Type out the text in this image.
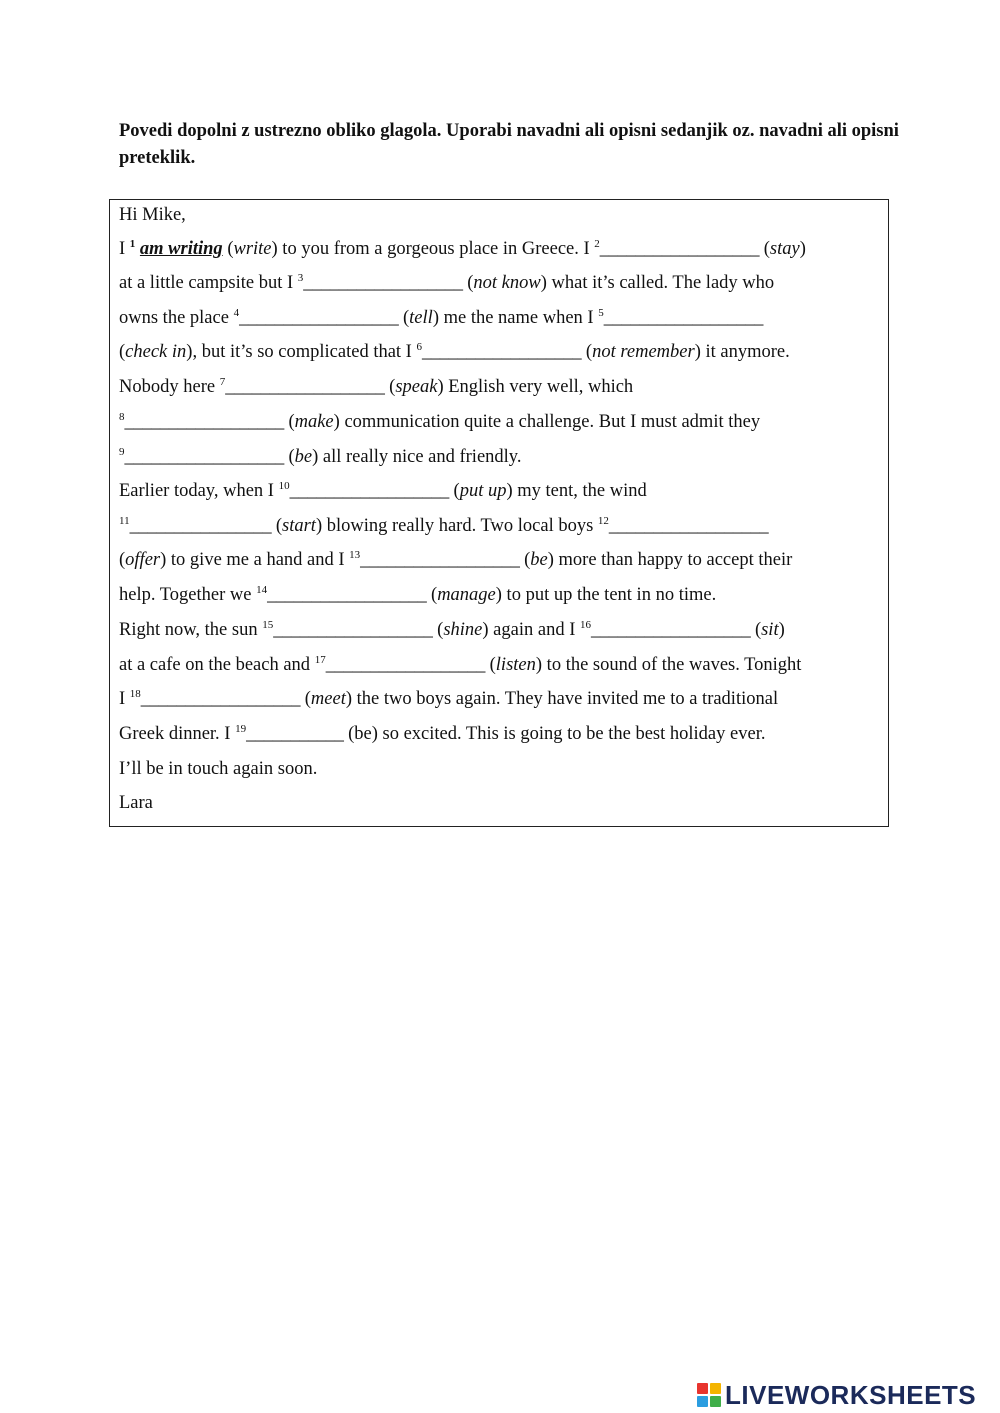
Povedi dopolni z ustrezno obliko glagola. Uporabi navadni ali opisni sedanjik oz. navadni ali opisni preteklik.
Hi Mike,
I $^1$ am writing (write) to you from a gorgeous place in Greece. I $^2$__________________ (stay)
at a little campsite but I $^3$__________________ (not know) what it’s called. The lady who
owns the place $^4$__________________ (tell) me the name when I $^5$__________________
(check in), but it’s so complicated that I $^6$__________________ (not remember) it anymore.
Nobody here $^7$__________________ (speak) English very well, which
$^8$__________________ (make) communication quite a challenge. But I must admit they
$^9$__________________ (be) all really nice and friendly.
Earlier today, when I $^{10}$__________________ (put up) my tent, the wind
$^{11}$________________ (start) blowing really hard. Two local boys $^{12}$__________________
(offer) to give me a hand and I $^{13}$__________________ (be) more than happy to accept their
help. Together we $^{14}$__________________ (manage) to put up the tent in no time.
Right now, the sun $^{15}$__________________ (shine) again and I $^{16}$__________________ (sit)
at a cafe on the beach and $^{17}$__________________ (listen) to the sound of the waves. Tonight
I $^{18}$__________________ (meet) the two boys again. They have invited me to a traditional
Greek dinner. I $^{19}$___________ (be) so excited. This is going to be the best holiday ever.
I’ll be in touch again soon.
Lara
LIVEWORKSHEETS
